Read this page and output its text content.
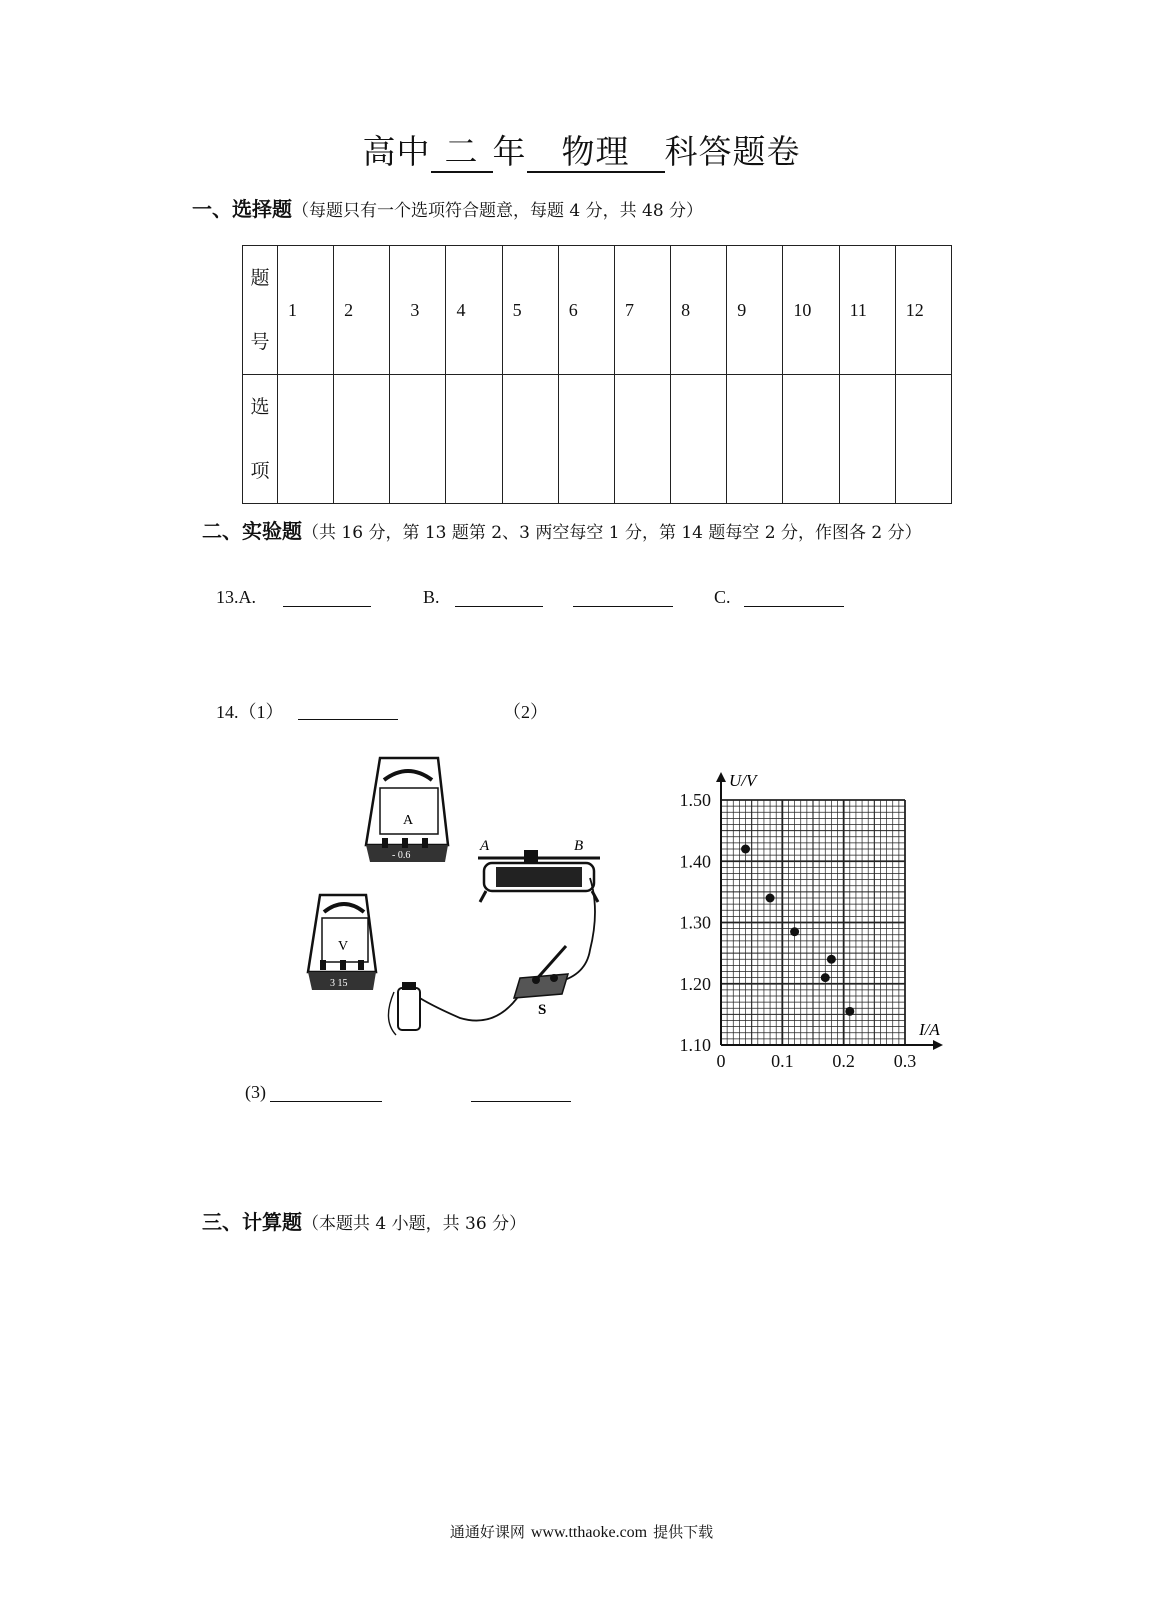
高中 二 年 物理 科答题卷
一、选择题（每题只有一个选项符合题意，每题 4 分，共 48 分）
题
号	1	2	3	4	5	6	7	8	9	10	11	12

选
项												

二、实验题（共 16 分，第 13 题第 2、3 两空每空 1 分，第 14 题每空 2 分，作图各 2 分）
13.A.	B.	C.
14.（1）	（2）
A
- 0.6
V
3 15
A	B
S
1.10
1.20
1.30
1.40
1.50
0	0.1 0.2 0.3
U/V
I/A
(3)
三、计算题（本题共 4 小题，共 36 分）
通通好课网 www.tthaoke.com 提供下载
